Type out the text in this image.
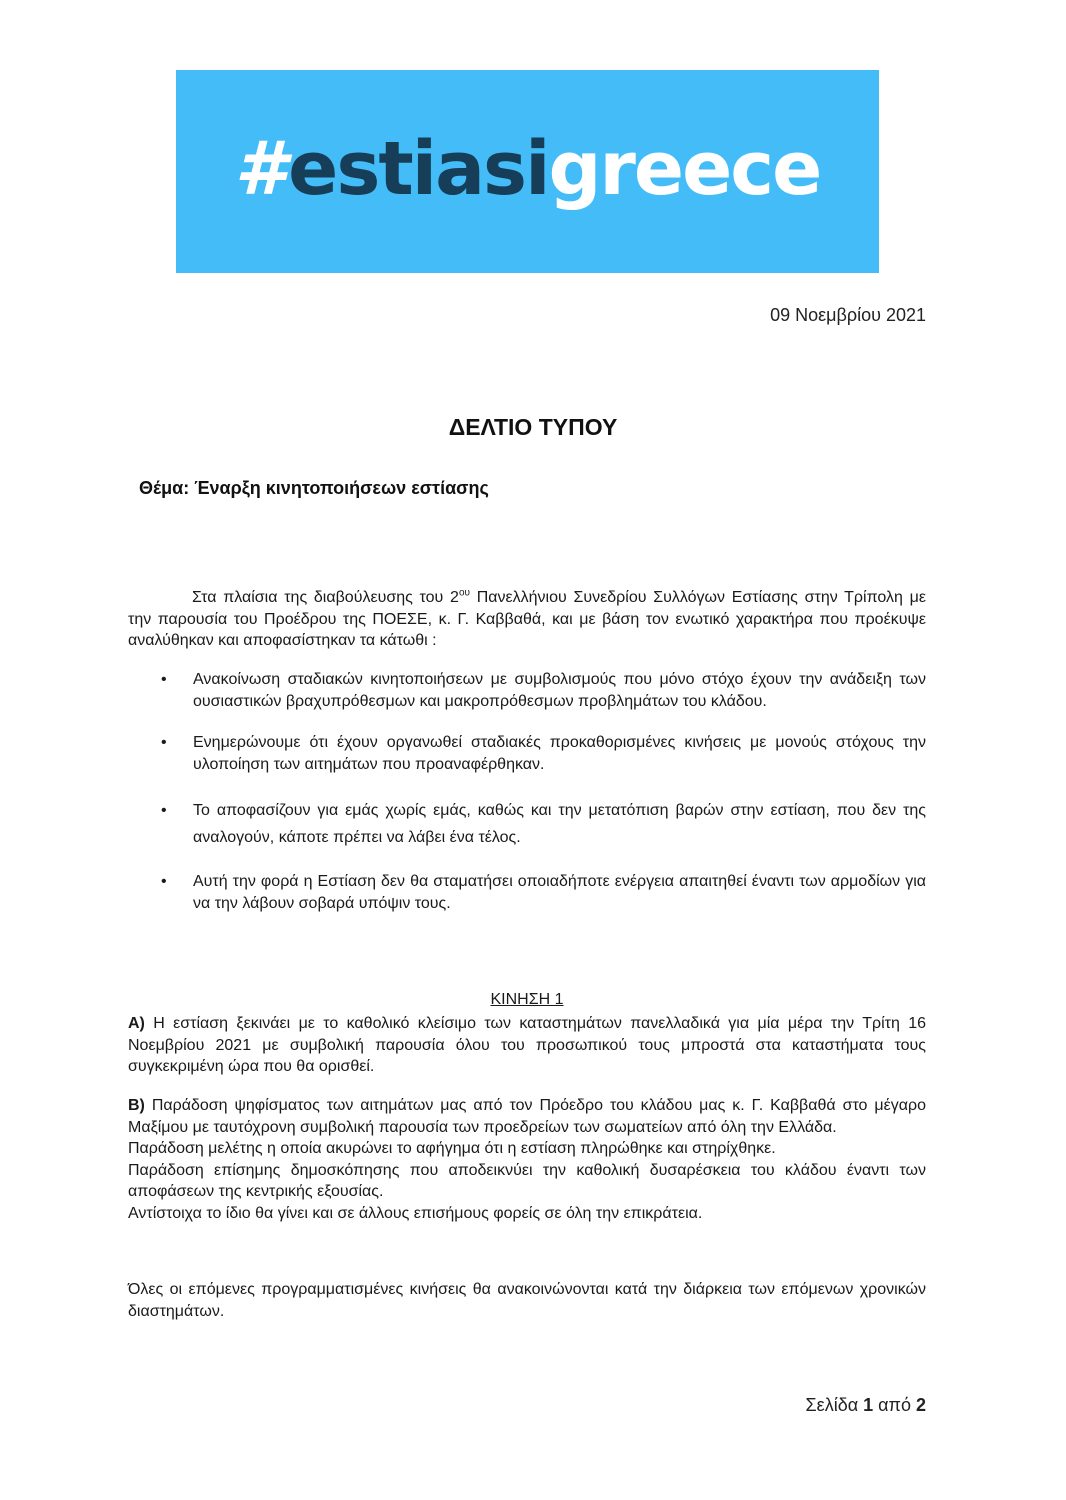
#estiasigreece
09 Νοεμβρίου 2021
ΔΕΛΤΙΟ ΤΥΠΟΥ
Θέμα: Έναρξη κινητοποιήσεων εστίασης
Στα πλαίσια της διαβούλευσης του $2^{o\upsilon}$ Πανελλήνιου Συνεδρίου Συλλόγων Εστίασης στην Τρίπολη με την παρουσία του Προέδρου της ΠΟΕΣΕ, κ. Γ. Καββαθά, και με βάση τον ενωτικό χαρακτήρα που προέκυψε αναλύθηκαν και αποφασίστηκαν τα κάτωθι :
• Ανακοίνωση σταδιακών κινητοποιήσεων με συμβολισμούς που μόνο στόχο έχουν την ανάδειξη των ουσιαστικών βραχυπρόθεσμων και μακροπρόθεσμων προβλημάτων του κλάδου.
• Ενημερώνουμε ότι έχουν οργανωθεί σταδιακές προκαθορισμένες κινήσεις με μονούς στόχους την υλοποίηση των αιτημάτων που προαναφέρθηκαν.
• Το αποφασίζουν για εμάς χωρίς εμάς, καθώς και την μετατόπιση βαρών στην εστίαση, που δεν της αναλογούν, κάποτε πρέπει να λάβει ένα τέλος.
• Αυτή την φορά η Εστίαση δεν θα σταματήσει οποιαδήποτε ενέργεια απαιτηθεί έναντι των αρμοδίων για να την λάβουν σοβαρά υπόψιν τους.
ΚΙΝΗΣΗ 1
Α) Η εστίαση ξεκινάει με το καθολικό κλείσιμο των καταστημάτων πανελλαδικά για μία μέρα την Τρίτη 16 Νοεμβρίου 2021 με συμβολική παρουσία όλου του προσωπικού τους μπροστά στα καταστήματα τους συγκεκριμένη ώρα που θα ορισθεί.
Β) Παράδοση ψηφίσματος των αιτημάτων μας από τον Πρόεδρο του κλάδου μας κ. Γ. Καββαθά στο μέγαρο Μαξίμου με ταυτόχρονη συμβολική παρουσία των προεδρείων των σωματείων από όλη την Ελλάδα.
Παράδοση μελέτης η οποία ακυρώνει το αφήγημα ότι η εστίαση πληρώθηκε και στηρίχθηκε.
Παράδοση επίσημης δημοσκόπησης που αποδεικνύει την καθολική δυσαρέσκεια του κλάδου έναντι των αποφάσεων της κεντρικής εξουσίας.
Αντίστοιχα το ίδιο θα γίνει και σε άλλους επισήμους φορείς σε όλη την επικράτεια.
Όλες οι επόμενες προγραμματισμένες κινήσεις θα ανακοινώνονται κατά την διάρκεια των επόμενων χρονικών διαστημάτων.
Σελίδα 1 από 2
